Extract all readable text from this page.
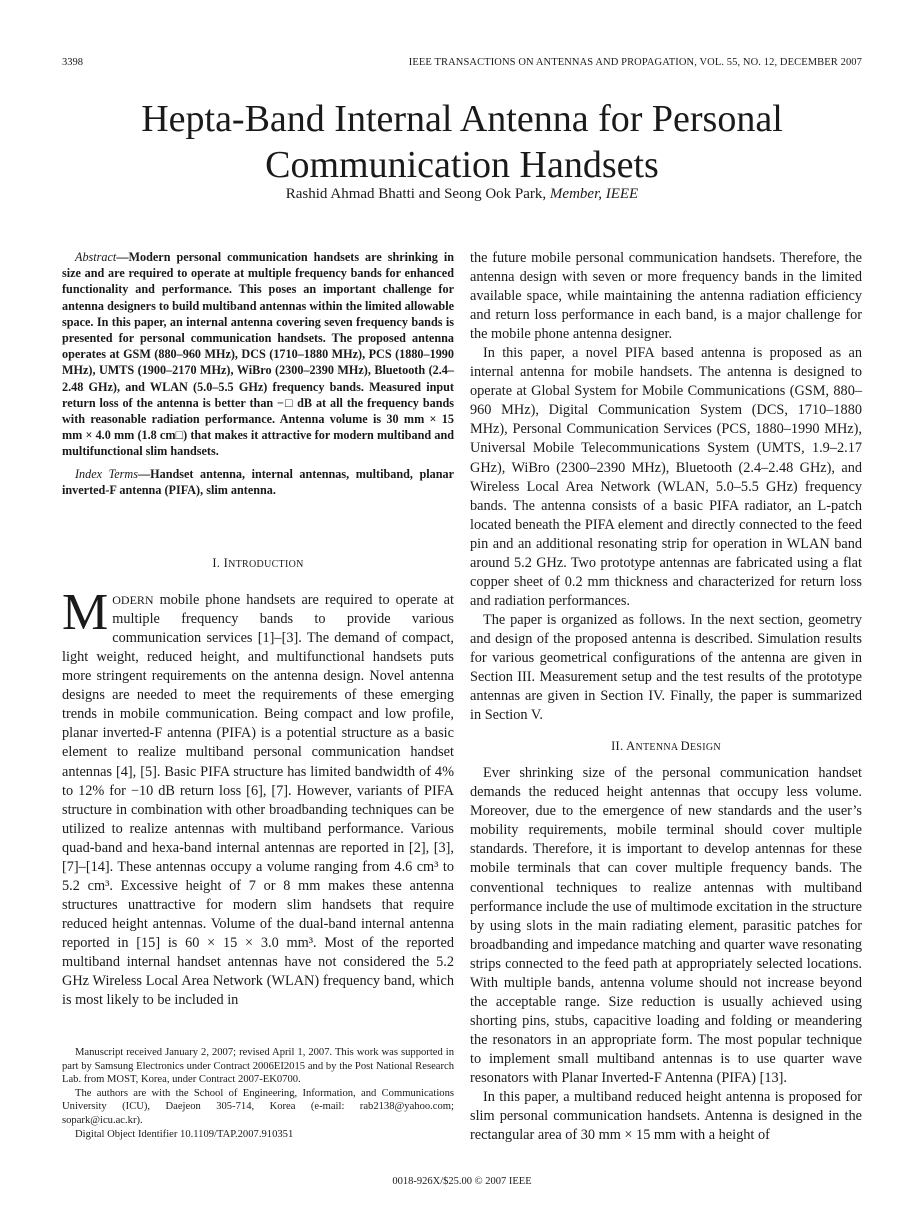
3398	IEEE TRANSACTIONS ON ANTENNAS AND PROPAGATION, VOL. 55, NO. 12, DECEMBER 2007
Hepta-Band Internal Antenna for Personal
Communication Handsets
Rashid Ahmad Bhatti and Seong Ook Park, Member, IEEE

Abstract—Modern personal communication handsets are shrinking in size and are required to operate at multiple frequency bands for enhanced functionality and performance. This poses an important challenge for antenna designers to build multiband antennas within the limited allowable space. In this paper, an internal antenna covering seven frequency bands is presented for personal communication handsets. The proposed antenna operates at GSM (880–960 MHz), DCS (1710–1880 MHz), PCS (1880–1990 MHz), UMTS (1900–2170 MHz), WiBro (2300–2390 MHz), Bluetooth (2.4–2.48 GHz), and WLAN (5.0–5.5 GHz) frequency bands. Measured input return loss of the antenna is better than −□ dB at all the frequency bands with reasonable radiation performance. Antenna volume is 30 mm × 15 mm × 4.0 mm (1.8 cm□) that makes it attractive for modern multiband and multifunctional slim handsets.

Index Terms—Handset antenna, internal antennas, multiband, planar inverted-F antenna (PIFA), slim antenna.

I. INTRODUCTION

MODERN mobile phone handsets are required to operate at multiple frequency bands to provide various communication services [1]–[3]. The demand of compact, light weight, reduced height, and multifunctional handsets puts more stringent requirements on the antenna design. Novel antenna designs are needed to meet the requirements of these emerging trends in mobile communication. Being compact and low profile, planar inverted-F antenna (PIFA) is a potential structure as a basic element to realize multiband personal communication handset antennas [4], [5]. Basic PIFA structure has limited bandwidth of 4% to 12% for −10 dB return loss [6], [7]. However, variants of PIFA structure in combination with other broadbanding techniques can be utilized to realize antennas with multiband performance. Various quad-band and hexa-band internal antennas are reported in [2], [3], [7]–[14]. These antennas occupy a volume ranging from 4.6 cm³ to 5.2 cm³. Excessive height of 7 or 8 mm makes these antenna structures unattractive for modern slim handsets that require reduced height antennas. Volume of the dual-band internal antenna reported in [15] is 60 × 15 × 3.0 mm³. Most of the reported multiband internal handset antennas have not considered the 5.2 GHz Wireless Local Area Network (WLAN) frequency band, which is most likely to be included in

Manuscript received January 2, 2007; revised April 1, 2007. This work was supported in part by Samsung Electronics under Contract 2006EI2015 and by the Post National Research Lab. from MOST, Korea, under Contract 2007-EK0700.

The authors are with the School of Engineering, Information, and Communications University (ICU), Daejeon 305-714, Korea (e-mail: rab2138@yahoo.com; sopark@icu.ac.kr).

Digital Object Identifier 10.1109/TAP.2007.910351

the future mobile personal communication handsets. Therefore, the antenna design with seven or more frequency bands in the limited available space, while maintaining the antenna radiation efficiency and return loss performance in each band, is a major challenge for the mobile phone antenna designer.

In this paper, a novel PIFA based antenna is proposed as an internal antenna for mobile handsets. The antenna is designed to operate at Global System for Mobile Communications (GSM, 880–960 MHz), Digital Communication System (DCS, 1710–1880 MHz), Personal Communication Services (PCS, 1880–1990 MHz), Universal Mobile Telecommunications System (UMTS, 1.9–2.17 GHz), WiBro (2300–2390 MHz), Bluetooth (2.4–2.48 GHz), and Wireless Local Area Network (WLAN, 5.0–5.5 GHz) frequency bands. The antenna consists of a basic PIFA radiator, an L-patch located beneath the PIFA element and directly connected to the feed pin and an additional resonating strip for operation in WLAN band around 5.2 GHz. Two prototype antennas are fabricated using a flat copper sheet of 0.2 mm thickness and characterized for return loss and radiation performances.

The paper is organized as follows. In the next section, geometry and design of the proposed antenna is described. Simulation results for various geometrical configurations of the antenna are given in Section III. Measurement setup and the test results of the prototype antennas are given in Section IV. Finally, the paper is summarized in Section V.

II. ANTENNA DESIGN

Ever shrinking size of the personal communication handset demands the reduced height antennas that occupy less volume. Moreover, due to the emergence of new standards and the user’s mobility requirements, mobile terminal should cover multiple standards. Therefore, it is important to develop antennas for these mobile terminals that can cover multiple frequency bands. The conventional techniques to realize antennas with multiband performance include the use of multimode excitation in the structure by using slots in the main radiating element, parasitic patches for broadbanding and impedance matching and quarter wave resonating strips connected to the feed path at appropriately selected locations. With multiple bands, antenna volume should not increase beyond the acceptable range. Size reduction is usually achieved using shorting pins, stubs, capacitive loading and folding or meandering the resonators in an appropriate form. The most popular technique to implement small multiband antennas is to use quarter wave resonators with Planar Inverted-F Antenna (PIFA) [13].

In this paper, a multiband reduced height antenna is proposed for slim personal communication handsets. Antenna is designed in the rectangular area of 30 mm × 15 mm with a height of

0018-926X/$25.00 © 2007 IEEE
